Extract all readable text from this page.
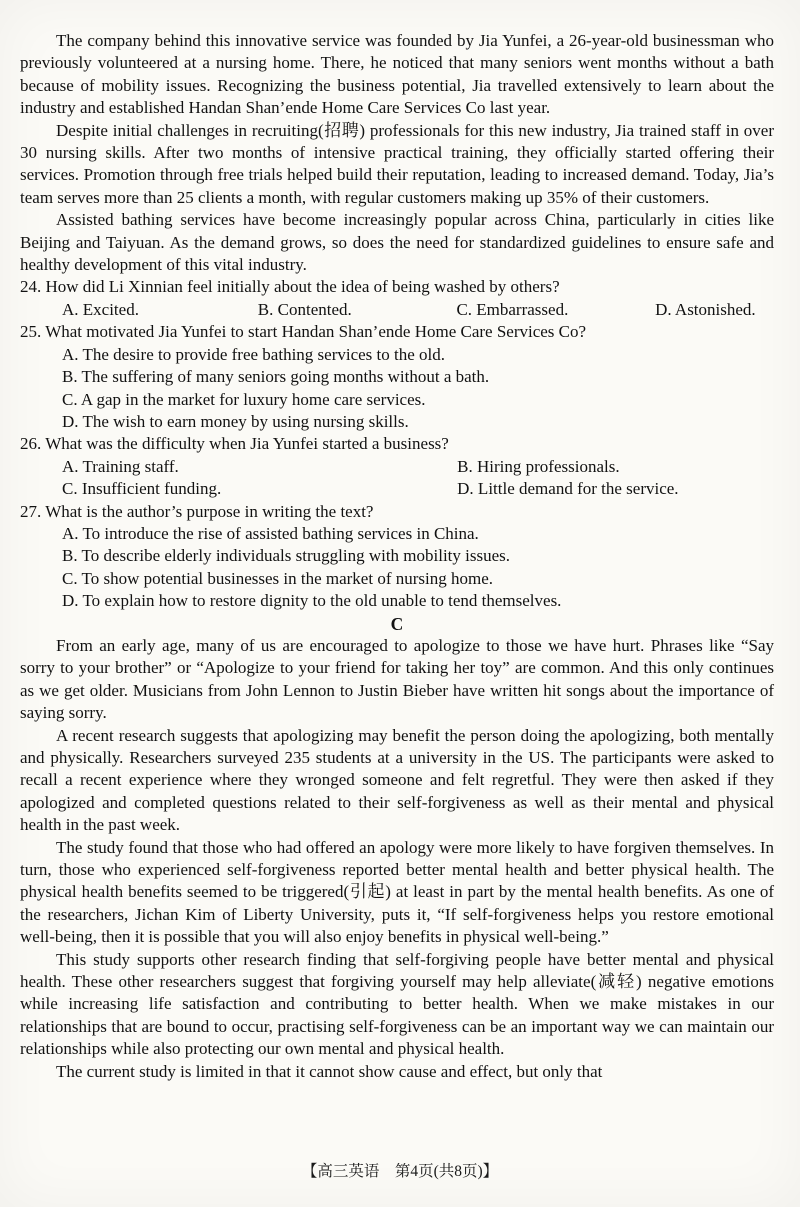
The company behind this innovative service was founded by Jia Yunfei, a 26-year-old businessman who previously volunteered at a nursing home. There, he noticed that many seniors went months without a bath because of mobility issues. Recognizing the business potential, Jia travelled extensively to learn about the industry and established Handan Shan’ende Home Care Services Co last year.

Despite initial challenges in recruiting(招聘) professionals for this new industry, Jia trained staff in over 30 nursing skills. After two months of intensive practical training, they officially started offering their services. Promotion through free trials helped build their reputation, leading to increased demand. Today, Jia’s team serves more than 25 clients a month, with regular customers making up 35% of their customers.

Assisted bathing services have become increasingly popular across China, particularly in cities like Beijing and Taiyuan. As the demand grows, so does the need for standardized guidelines to ensure safe and healthy development of this vital industry.

24. How did Li Xinnian feel initially about the idea of being washed by others?

A. Excited.	B. Contented.	C. Embarrassed.	D. Astonished.

25. What motivated Jia Yunfei to start Handan Shan’ende Home Care Services Co?

A. The desire to provide free bathing services to the old.
B. The suffering of many seniors going months without a bath.
C. A gap in the market for luxury home care services.
D. The wish to earn money by using nursing skills.

26. What was the difficulty when Jia Yunfei started a business?

A. Training staff.	B. Hiring professionals.
C. Insufficient funding.	D. Little demand for the service.

27. What is the author’s purpose in writing the text?

A. To introduce the rise of assisted bathing services in China.
B. To describe elderly individuals struggling with mobility issues.
C. To show potential businesses in the market of nursing home.
D. To explain how to restore dignity to the old unable to tend themselves.
C

From an early age, many of us are encouraged to apologize to those we have hurt. Phrases like “Say sorry to your brother” or “Apologize to your friend for taking her toy” are common. And this only continues as we get older. Musicians from John Lennon to Justin Bieber have written hit songs about the importance of saying sorry.

A recent research suggests that apologizing may benefit the person doing the apologizing, both mentally and physically. Researchers surveyed 235 students at a university in the US. The participants were asked to recall a recent experience where they wronged someone and felt regretful. They were then asked if they apologized and completed questions related to their self-forgiveness as well as their mental and physical health in the past week.

The study found that those who had offered an apology were more likely to have forgiven themselves. In turn, those who experienced self-forgiveness reported better mental health and better physical health. The physical health benefits seemed to be triggered(引起) at least in part by the mental health benefits. As one of the researchers, Jichan Kim of Liberty University, puts it, “If self-forgiveness helps you restore emotional well-being, then it is possible that you will also enjoy benefits in physical well-being.”

This study supports other research finding that self-forgiving people have better mental and physical health. These other researchers suggest that forgiving yourself may help alleviate(减轻) negative emotions while increasing life satisfaction and contributing to better health. When we make mistakes in our relationships that are bound to occur, practising self-forgiveness can be an important way we can maintain our relationships while also protecting our own mental and physical health.

The current study is limited in that it cannot show cause and effect, but only that

【高三英语　第4页(共8页)】
